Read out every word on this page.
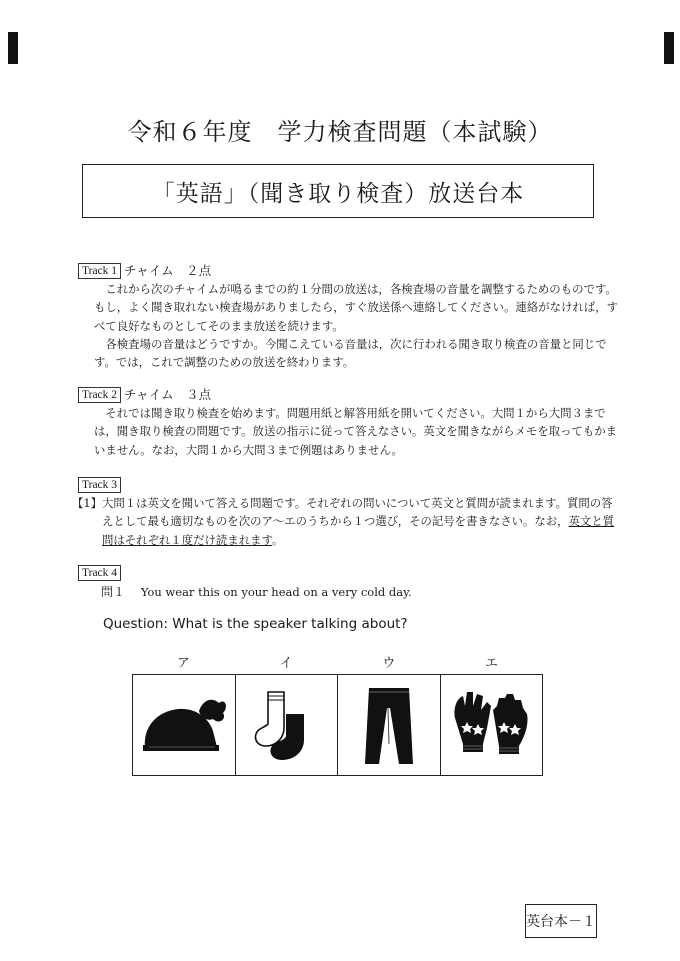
令和６年度　学力検査問題（本試験）
「英語」（聞き取り検査）放送台本
Track 1 チャイム　２点

これから次のチャイムが鳴るまでの約１分間の放送は，各検査場の音量を調整するためのものです。もし，よく聞き取れない検査場がありましたら，すぐ放送係へ連絡してください。連絡がなければ，すべて良好なものとしてそのまま放送を続けます。

各検査場の音量はどうですか。今聞こえている音量は，次に行われる聞き取り検査の音量と同じです。では，これで調整のための放送を終わります。

Track 2 チャイム　３点

それでは聞き取り検査を始めます。問題用紙と解答用紙を開いてください。大問１から大問３までは，聞き取り検査の問題です。放送の指示に従って答えなさい。英文を聞きながらメモを取ってもかまいません。なお，大問１から大問３まで例題はありません。

Track 3
【1】 大問１は英文を聞いて答える問題です。それぞれの問いについて英文と質問が読まれます。質問の答えとして最も適切なものを次のア～エのうちから１つ選び，その記号を書きなさい。なお，英文と質問はそれぞれ１度だけ読まれます。

Track 4
問１ You wear this on your head on a very cold day.
Question: What is the speaker talking about?
ア	イ	ウ	エ
英台本－１
